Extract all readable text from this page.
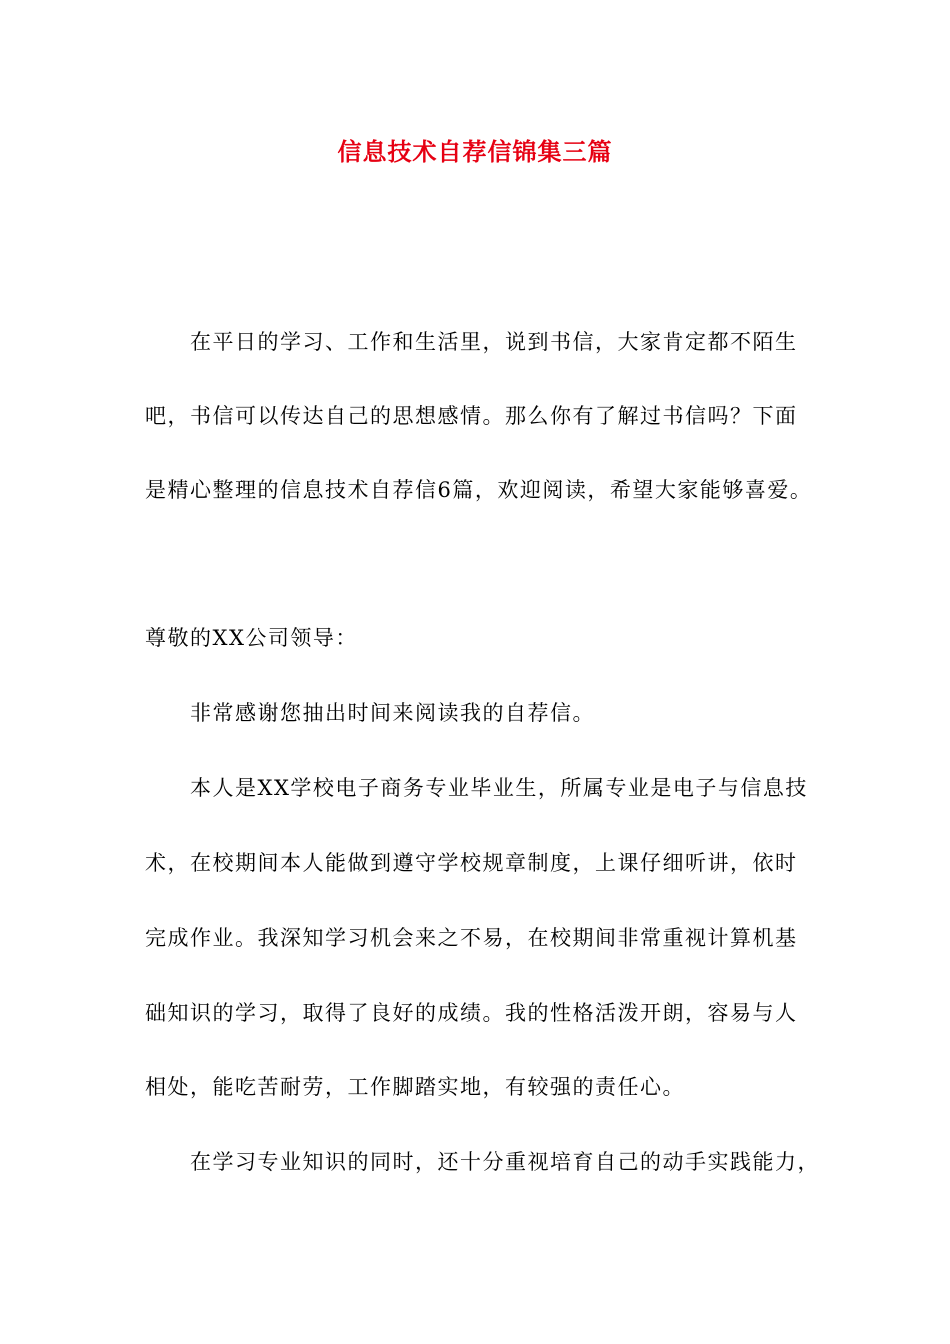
信息技术自荐信锦集三篇
在平日的学习、工作和生活里，说到书信，大家肯定都不陌生
吧，书信可以传达自己的思想感情。那么你有了解过书信吗？下面
是精心整理的信息技术自荐信6篇，欢迎阅读，希望大家能够喜爱。
尊敬的XX公司领导：
非常感谢您抽出时间来阅读我的自荐信。
本人是XX学校电子商务专业毕业生，所属专业是电子与信息技
术，在校期间本人能做到遵守学校规章制度，上课仔细听讲，依时
完成作业。我深知学习机会来之不易，在校期间非常重视计算机基
础知识的学习，取得了良好的成绩。我的性格活泼开朗，容易与人
相处，能吃苦耐劳，工作脚踏实地，有较强的责任心。
在学习专业知识的同时，还十分重视培育自己的动手实践能力，
